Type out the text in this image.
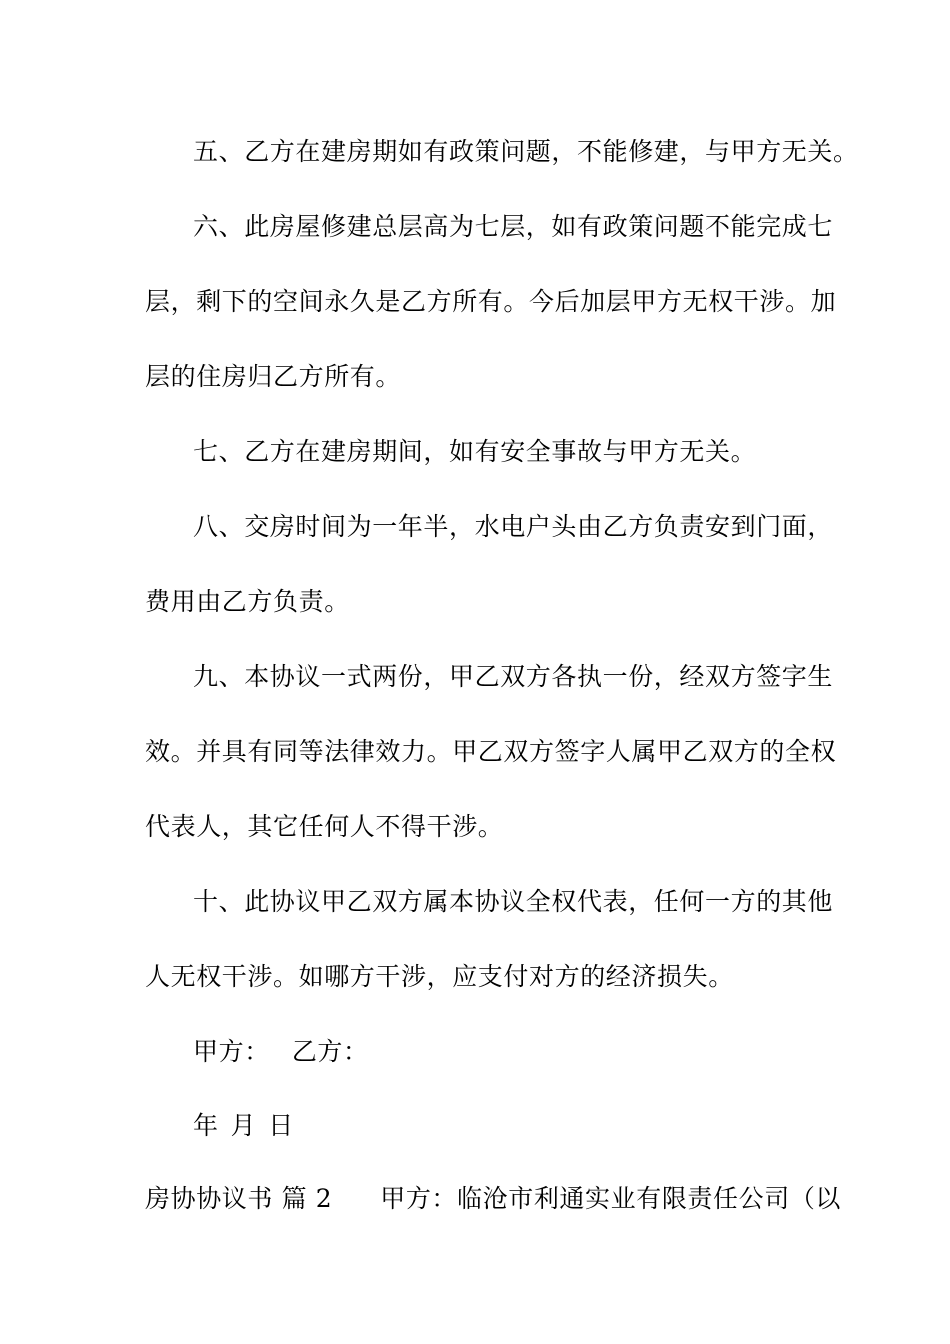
五、乙方在建房期如有政策问题，不能修建，与甲方无关。
六、此房屋修建总层高为七层，如有政策问题不能完成七
层，剩下的空间永久是乙方所有。今后加层甲方无权干涉。加
层的住房归乙方所有。
七、乙方在建房期间，如有安全事故与甲方无关。
八、交房时间为一年半，水电户头由乙方负责安到门面，
费用由乙方负责。
九、本协议一式两份，甲乙双方各执一份，经双方签字生
效。并具有同等法律效力。甲乙双方签字人属甲乙双方的全权
代表人，其它任何人不得干涉。
十、此协议甲乙双方属本协议全权代表，任何一方的其他
人无权干涉。如哪方干涉，应支付对方的经济损失。
甲方： 乙方：
年 月 日
房协协议书 篇 2 甲方：临沧市利通实业有限责任公司（以
